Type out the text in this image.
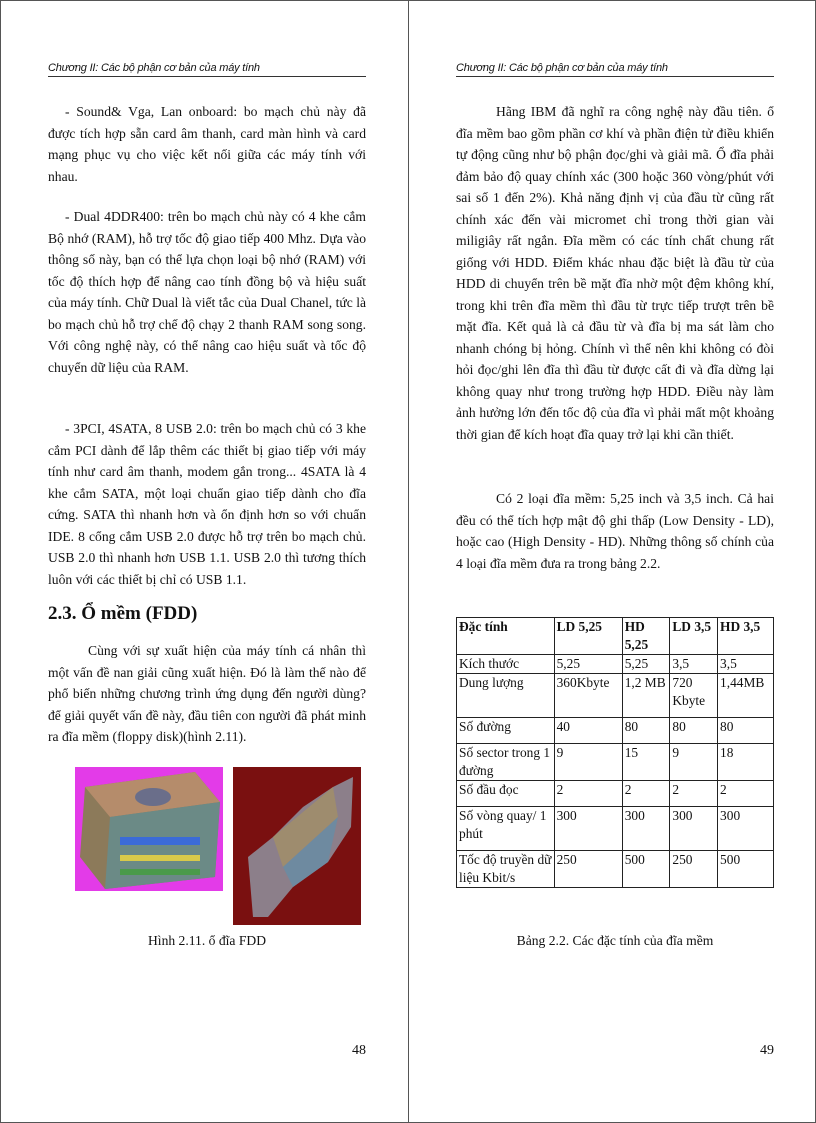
Chương II: Các bộ phận cơ bản của máy tính

- Sound& Vga, Lan onboard: bo mạch chủ này đã được tích hợp sẵn card âm thanh, card màn hình và card mạng phục vụ cho việc kết nối giữa các máy tính với nhau.

- Dual 4DDR400: trên bo mạch chủ này có 4 khe cắm Bộ nhớ (RAM), hỗ trợ tốc độ giao tiếp 400 Mhz. Dựa vào thông số này, bạn có thể lựa chọn loại bộ nhớ (RAM) với tốc độ thích hợp để nâng cao tính đồng bộ và hiệu suất của máy tính. Chữ Dual là viết tắc của Dual Chanel, tức là bo mạch chủ hỗ trợ chế độ chạy 2 thanh RAM song song. Với công nghệ này, có thể nâng cao hiệu suất và tốc độ chuyển dữ liệu của RAM.

- 3PCI, 4SATA, 8 USB 2.0: trên bo mạch chủ có 3 khe cắm PCI dành để lắp thêm các thiết bị giao tiếp với máy tính như card âm thanh, modem gắn trong... 4SATA là 4 khe cắm SATA, một loại chuẩn giao tiếp dành cho đĩa cứng. SATA thì nhanh hơn và ổn định hơn so với chuẩn IDE. 8 cổng cắm USB 2.0 được hỗ trợ trên bo mạch chủ. USB 2.0 thì nhanh hơn USB 1.1. USB 2.0 thì tương thích luôn với các thiết bị chỉ có USB 1.1.

2.3. Ổ mềm (FDD)

Cùng với sự xuất hiện của máy tính cá nhân thì một vấn đề nan giải cũng xuất hiện. Đó là làm thế nào để phổ biến những chương trình ứng dụng đến người dùng? để giải quyết vấn đề này, đầu tiên con người đã phát minh ra đĩa mềm (floppy disk)(hình 2.11).

Hình 2.11. ổ đĩa FDD
48
Chương II: Các bộ phận cơ bản của máy tính

Hãng IBM đã nghĩ ra công nghệ này đầu tiên. ổ đĩa mềm bao gồm phần cơ khí và phần điện tử điều khiển tự động cũng như bộ phận đọc/ghi và giải mã. Ổ đĩa phải đảm bảo độ quay chính xác (300 hoặc 360 vòng/phút với sai số 1 đến 2%). Khả năng định vị của đầu từ cũng rất chính xác đến vài micromet chỉ trong thời gian vài miligiây rất ngắn. Đĩa mềm có các tính chất chung rất giống với HDD. Điểm khác nhau đặc biệt là đầu từ của HDD di chuyển trên bề mặt đĩa nhờ một đệm không khí, trong khi trên đĩa mềm thì đầu từ trực tiếp trượt trên bề mặt đĩa. Kết quả là cả đầu từ và đĩa bị ma sát làm cho nhanh chóng bị hỏng. Chính vì thế nên khi không có đòi hỏi đọc/ghi lên đĩa thì đầu từ được cất đi và đĩa dừng lại không quay như trong trường hợp HDD. Điều này làm ảnh hưởng lớn đến tốc độ của đĩa vì phải mất một khoảng thời gian để kích hoạt đĩa quay trở lại khi cần thiết.

Có 2 loại đĩa mềm: 5,25 inch và 3,5 inch. Cả hai đều có thể tích hợp mật độ ghi thấp (Low Density - LD), hoặc cao (High Density - HD). Những thông số chính của 4 loại đĩa mềm đưa ra trong bảng 2.2.

Đặc tính	LD 5,25	HD 5,25	LD 3,5	HD 3,5
Kích thước	5,25	5,25	3,5	3,5
Dung lượng	360Kbyte	1,2 MB	720 Kbyte	1,44MB
Số đường	40	80	80	80
Số sector trong 1 đường	9	15	9	18
Số đầu đọc	2	2	2	2
Số vòng quay/ 1 phút	300	300	300	300
Tốc độ truyền dữ liệu Kbit/s	250	500	250	500
Bảng 2.2. Các đặc tính của đĩa mềm
49
